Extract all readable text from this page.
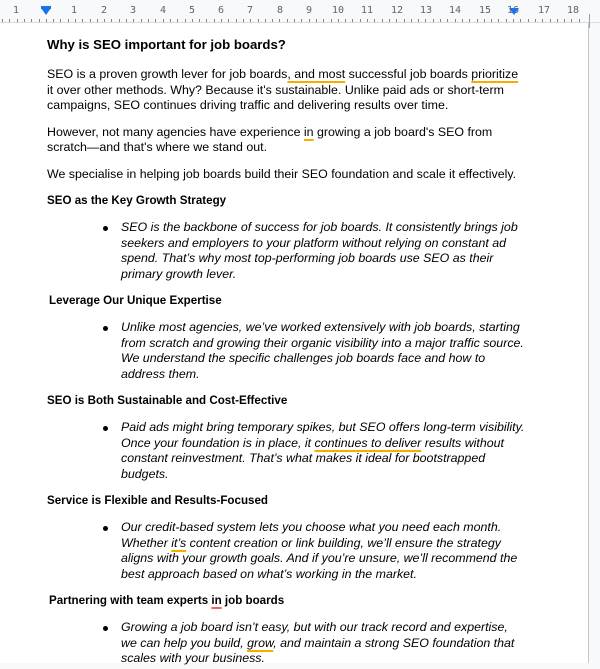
1	1 2 3 4 5 6 7 8 9 10 11 12 13 14 15 16 17 18
Why is SEO important for job boards?

SEO is a proven growth lever for job boards, and most successful job boards prioritize it over other methods. Why? Because it's sustainable. Unlike paid ads or short-term campaigns, SEO continues driving traffic and delivering results over time.

However, not many agencies have experience in growing a job board's SEO from scratch—and that's where we stand out.

We specialise in helping job boards build their SEO foundation and scale it effectively.

SEO as the Key Growth Strategy
SEO is the backbone of success for job boards. It consistently brings job seekers and employers to your platform without relying on constant ad spend. That’s why most top-performing job boards use SEO as their primary growth lever.
Leverage Our Unique Expertise
Unlike most agencies, we’ve worked extensively with job boards, starting from scratch and growing their organic visibility into a major traffic source. We understand the specific challenges job boards face and how to address them.
SEO is Both Sustainable and Cost-Effective
Paid ads might bring temporary spikes, but SEO offers long-term visibility. Once your foundation is in place, it continues to deliver results without constant reinvestment. That’s what makes it ideal for bootstrapped budgets.
Service is Flexible and Results-Focused
Our credit-based system lets you choose what you need each month. Whether it’s content creation or link building, we’ll ensure the strategy aligns with your growth goals. And if you’re unsure, we’ll recommend the best approach based on what’s working in the market.
Partnering with team experts in job boards
Growing a job board isn’t easy, but with our track record and expertise, we can help you build, grow, and maintain a strong SEO foundation that scales with your business.
